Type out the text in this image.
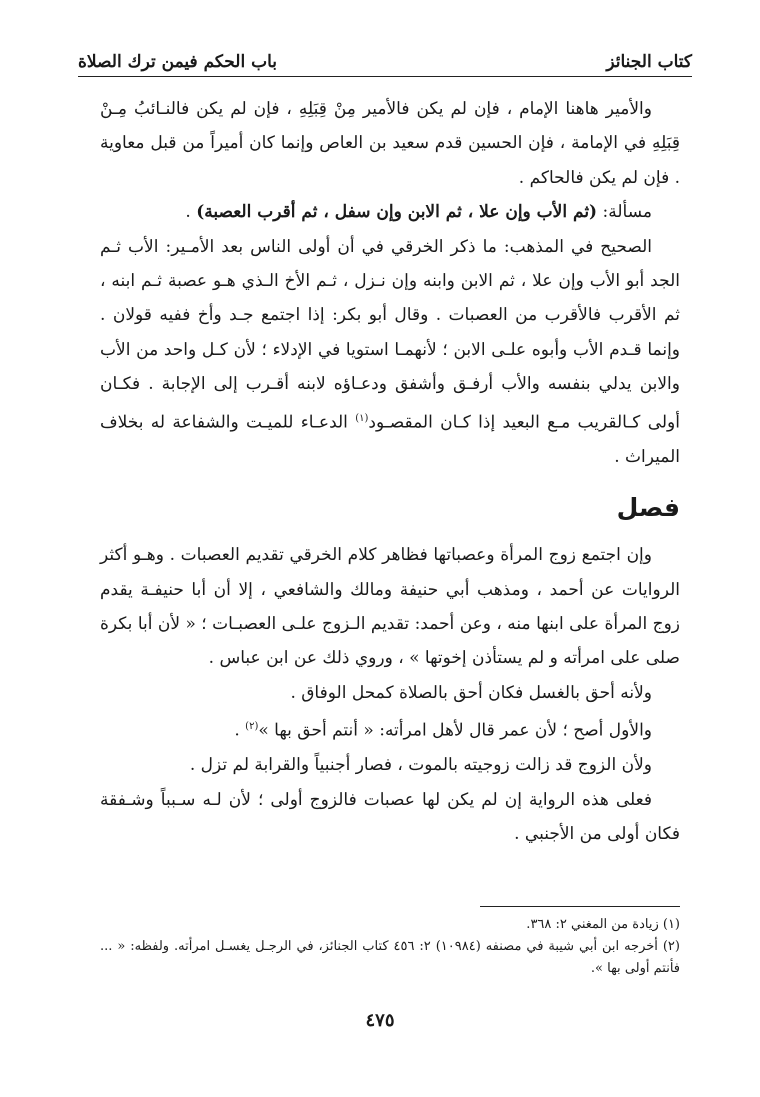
كتاب الجنائز
باب الحكم فيمن ترك الصلاة

والأمير هاهنا الإمام ، فإن لم يكن فالأمير مِنْ قِبَلِهِ ، فإن لم يكن فالنـائبُ مِـنْ قِبَلِهِ في الإمامة ، فإن الحسين قدم سعيد بن العاص وإنما كان أميراً من قبل معاوية . فإن لم يكن فالحاكم .

مسألة: (ثم الأب وإن علا ، ثم الابن وإن سفل ، ثم أقرب العصبة) .

الصحيح في المذهب: ما ذكر الخرقي في أن أولى الناس بعد الأمـير: الأب ثـم الجد أبو الأب وإن علا ، ثم الابن وابنه وإن نـزل ، ثـم الأخ الـذي هـو عصبة ثـم ابنه ، ثم الأقرب فالأقرب من العصبات . وقال أبو بكر: إذا اجتمع جـد وأخ ففيه قولان . وإنما قـدم الأب وأبوه علـى الابن ؛ لأنهمـا استويا في الإدلاء ؛ لأن كـل واحد من الأب والابن يدلي بنفسه والأب أرفـق وأشفق ودعـاؤه لابنه أقـرب إلى الإجابة . فكـان أولى كـالقريب مـع البعيد إذا كـان المقصـود$^{(١)}$ الدعـاء للميـت والشفاعة له بخلاف الميراث .

فصل

وإن اجتمع زوج المرأة وعصباتها فظاهر كلام الخرقي تقديم العصبات . وهـو أكثر الروايات عن أحمد ، ومذهب أبي حنيفة ومالك والشافعي ، إلا أن أبا حنيفـة يقدم زوج المرأة على ابنها منه ، وعن أحمد: تقديم الـزوج علـى العصبـات ؛ « لأن أبا بكرة صلى على امرأته و لم يستأذن إخوتها » ، وروي ذلك عن ابن عباس .

ولأنه أحق بالغسل فكان أحق بالصلاة كمحل الوفاق .

والأول أصح ؛ لأن عمر قال لأهل امرأته: « أنتم أحق بها »$^{(٢)}$ .

ولأن الزوج قد زالت زوجيته بالموت ، فصار أجنبياً والقرابة لم تزل .

فعلى هذه الرواية إن لم يكن لها عصبات فالزوج أولى ؛ لأن لـه سـبباً وشـفقة فكان أولى من الأجنبي .

(١) زيادة من المغني ٢: ٣٦٨.

(٢) أخرجه ابن أبي شيبة في مصنفه (١٠٩٨٤) ٢: ٤٥٦ كتاب الجنائز، في الرجـل يغسـل امرأته. ولفظه: « ... فأنتم أولى بها ».

٤٧٥
